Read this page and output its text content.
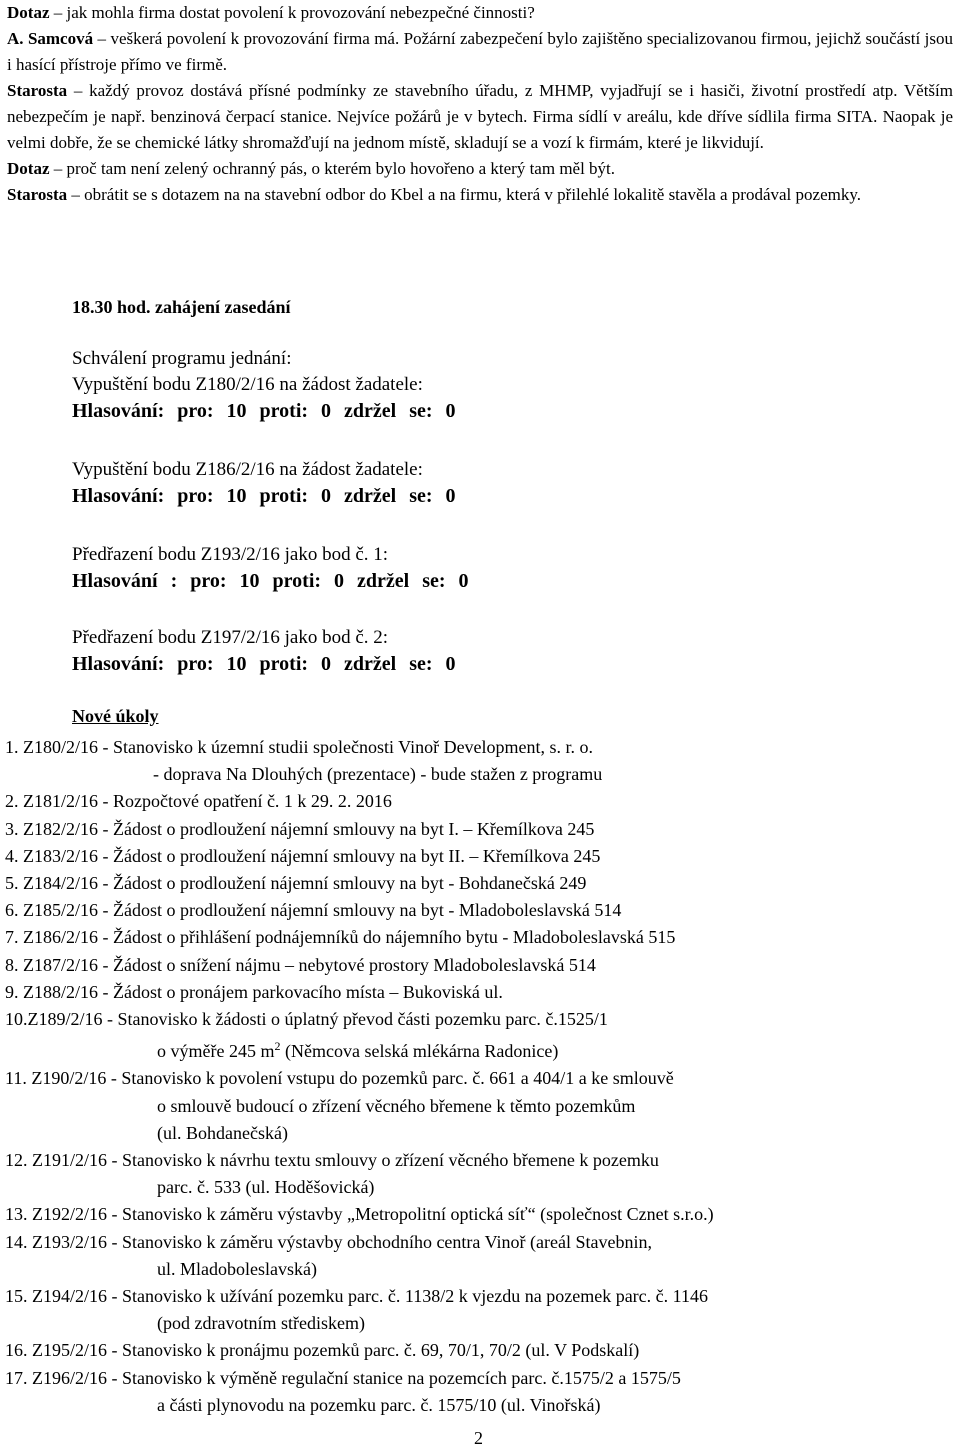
Dotaz – jak mohla firma dostat povolení k provozování nebezpečné činnosti?

A. Samcová – veškerá povolení k provozování firma má. Požární zabezpečení bylo zajištěno specializovanou firmou, jejichž součástí jsou i hasící přístroje přímo ve firmě.

Starosta – každý provoz dostává přísné podmínky ze stavebního úřadu, z MHMP, vyjadřují se i hasiči, životní prostředí atp. Větším nebezpečím je např. benzinová čerpací stanice. Nejvíce požárů je v bytech. Firma sídlí v areálu, kde dříve sídlila firma SITA. Naopak je velmi dobře, že se chemické látky shromažďují na jednom místě, skladují se a vozí k firmám, které je likvidují.

Dotaz – proč tam není zelený ochranný pás, o kterém bylo hovořeno a který tam měl být.

Starosta – obrátit se s dotazem na na stavební odbor do Kbel a na firmu, která v přilehlé lokalitě stavěla a prodával pozemky.

18.30 hod. zahájení zasedání
Schválení programu jednání:
Vypuštění bodu Z180/2/16 na žádost žadatele:
Hlasování: pro: 10 proti: 0 zdržel se: 0
Vypuštění bodu Z186/2/16 na žádost žadatele:
Hlasování: pro: 10 proti: 0 zdržel se: 0
Předřazení bodu Z193/2/16 jako bod č. 1:
Hlasování : pro: 10 proti: 0 zdržel se: 0
Předřazení bodu Z197/2/16 jako bod č. 2:
Hlasování: pro: 10 proti: 0 zdržel se: 0
Nové úkoly
1. Z180/2/16 - Stanovisko k územní studii společnosti Vinoř Development, s. r. o.
- doprava Na Dlouhých (prezentace) - bude stažen z programu
2. Z181/2/16 - Rozpočtové opatření č. 1 k 29. 2. 2016
3. Z182/2/16 - Žádost o prodloužení nájemní smlouvy na byt I. – Křemílkova 245
4. Z183/2/16 - Žádost o prodloužení nájemní smlouvy na byt II. – Křemílkova 245
5. Z184/2/16 - Žádost o prodloužení nájemní smlouvy na byt - Bohdanečská 249
6. Z185/2/16 - Žádost o prodloužení nájemní smlouvy na byt - Mladoboleslavská 514
7. Z186/2/16 - Žádost o přihlášení podnájemníků do nájemního bytu - Mladoboleslavská 515
8. Z187/2/16 - Žádost o snížení nájmu – nebytové prostory Mladoboleslavská 514
9. Z188/2/16 - Žádost o pronájem parkovacího místa – Bukoviská ul.
10.Z189/2/16 - Stanovisko k žádosti o úplatný převod části pozemku parc. č.1525/1
o výměře 245 $m^2$ (Němcova selská mlékárna Radonice)
11. Z190/2/16 - Stanovisko k povolení vstupu do pozemků parc. č. 661 a 404/1 a ke smlouvě
o smlouvě budoucí o zřízení věcného břemene k těmto pozemkům
(ul. Bohdanečská)
12. Z191/2/16 - Stanovisko k návrhu textu smlouvy o zřízení věcného břemene k pozemku
parc. č. 533 (ul. Hoděšovická)
13. Z192/2/16 - Stanovisko k záměru výstavby „Metropolitní optická síť“ (společnost Cznet s.r.o.)
14. Z193/2/16 - Stanovisko k záměru výstavby obchodního centra Vinoř (areál Stavebnin,
ul. Mladoboleslavská)
15. Z194/2/16 - Stanovisko k užívání pozemku parc. č. 1138/2 k vjezdu na pozemek parc. č. 1146
(pod zdravotním střediskem)
16. Z195/2/16 - Stanovisko k pronájmu pozemků parc. č. 69, 70/1, 70/2 (ul. V Podskalí)
17. Z196/2/16 - Stanovisko k výměně regulační stanice na pozemcích parc. č.1575/2 a 1575/5
a části plynovodu na pozemku parc. č. 1575/10 (ul. Vinořská)
2
